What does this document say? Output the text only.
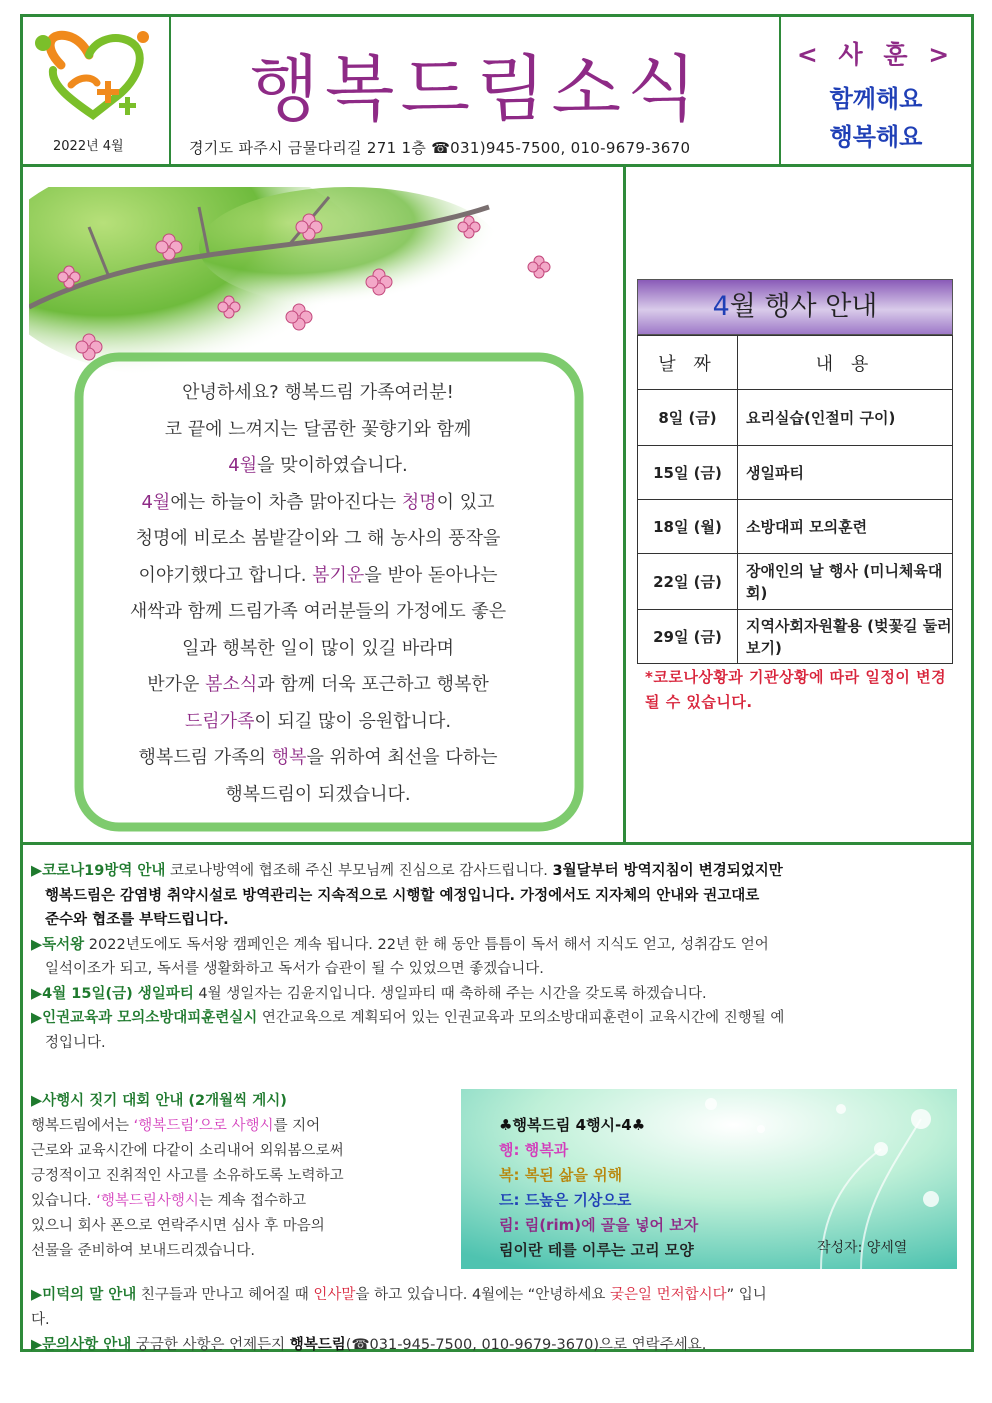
2022년 4월
행복드림소식
경기도 파주시 금물다리길 271 1층 ☎031)945-7500, 010-9679-3670
< 사 훈 >
함께해요
행복해요
안녕하세요? 행복드림 가족여러분!
코 끝에 느껴지는 달콤한 꽃향기와 함께
4월을 맞이하였습니다.
4월에는 하늘이 차츰 맑아진다는 청명이 있고
청명에 비로소 봄밭갈이와 그 해 농사의 풍작을
이야기했다고 합니다. 봄기운을 받아 돋아나는
새싹과 함께 드림가족 여러분들의 가정에도 좋은
일과 행복한 일이 많이 있길 바라며
반가운 봄소식과 함께 더욱 포근하고 행복한
드림가족이 되길 많이 응원합니다.
행복드림 가족의 행복을 위하여 최선을 다하는
행복드림이 되겠습니다.
4월 행사 안내
날 짜	내 용
8일 (금)	요리실습(인절미 구이)
15일 (금)	생일파티
18일 (월)	소방대피 모의훈련
22일 (금)	장애인의 날 행사 (미니체육대회)
29일 (금)	지역사회자원활용 (벚꽃길 둘러보기)
*코로나상황과 기관상황에 따라 일정이 변경될 수 있습니다.

▶코로나19방역 안내 코로나방역에 협조해 주신 부모님께 진심으로 감사드립니다. 3월달부터 방역지침이 변경되었지만

행복드림은 감염병 취약시설로 방역관리는 지속적으로 시행할 예정입니다. 가정에서도 지자체의 안내와 권고대로

준수와 협조를 부탁드립니다.

▶독서왕 2022년도에도 독서왕 캠페인은 계속 됩니다. 22년 한 해 동안 틈틈이 독서 해서 지식도 얻고, 성취감도 얻어

일석이조가 되고, 독서를 생활화하고 독서가 습관이 될 수 있었으면 좋겠습니다.

▶4월 15일(금) 생일파티 4월 생일자는 김윤지입니다. 생일파티 때 축하해 주는 시간을 갖도록 하겠습니다.

▶인권교육과 모의소방대피훈련실시 연간교육으로 계획되어 있는 인권교육과 모의소방대피훈련이 교육시간에 진행될 예

정입니다.

▶사행시 짓기 대회 안내 (2개월씩 게시)

행복드림에서는 ‘행복드림’으로 사행시를 지어

근로와 교육시간에 다같이 소리내어 외워봄으로써

긍정적이고 진취적인 사고를 소유하도록 노력하고

있습니다. ‘행복드림사행시는 계속 접수하고

있으니 회사 폰으로 연락주시면 심사 후 마음의

선물을 준비하여 보내드리겠습니다.

♣행복드림 4행시-4♣
행: 행복과
복: 복된 삶을 위해
드: 드높은 기상으로
림: 림(rim)에 골을 넣어 보자
림이란 테를 이루는 고리 모양	작성자: 양세열

▶미덕의 말 안내 친구들과 만나고 헤어질 때 인사말을 하고 있습니다. 4월에는 “안녕하세요 궂은일 먼저합시다” 입니

다.

▶문의사항 안내 궁금한 사항은 언제든지 행복드림(☎031-945-7500, 010-9679-3670)으로 연락주세요.
